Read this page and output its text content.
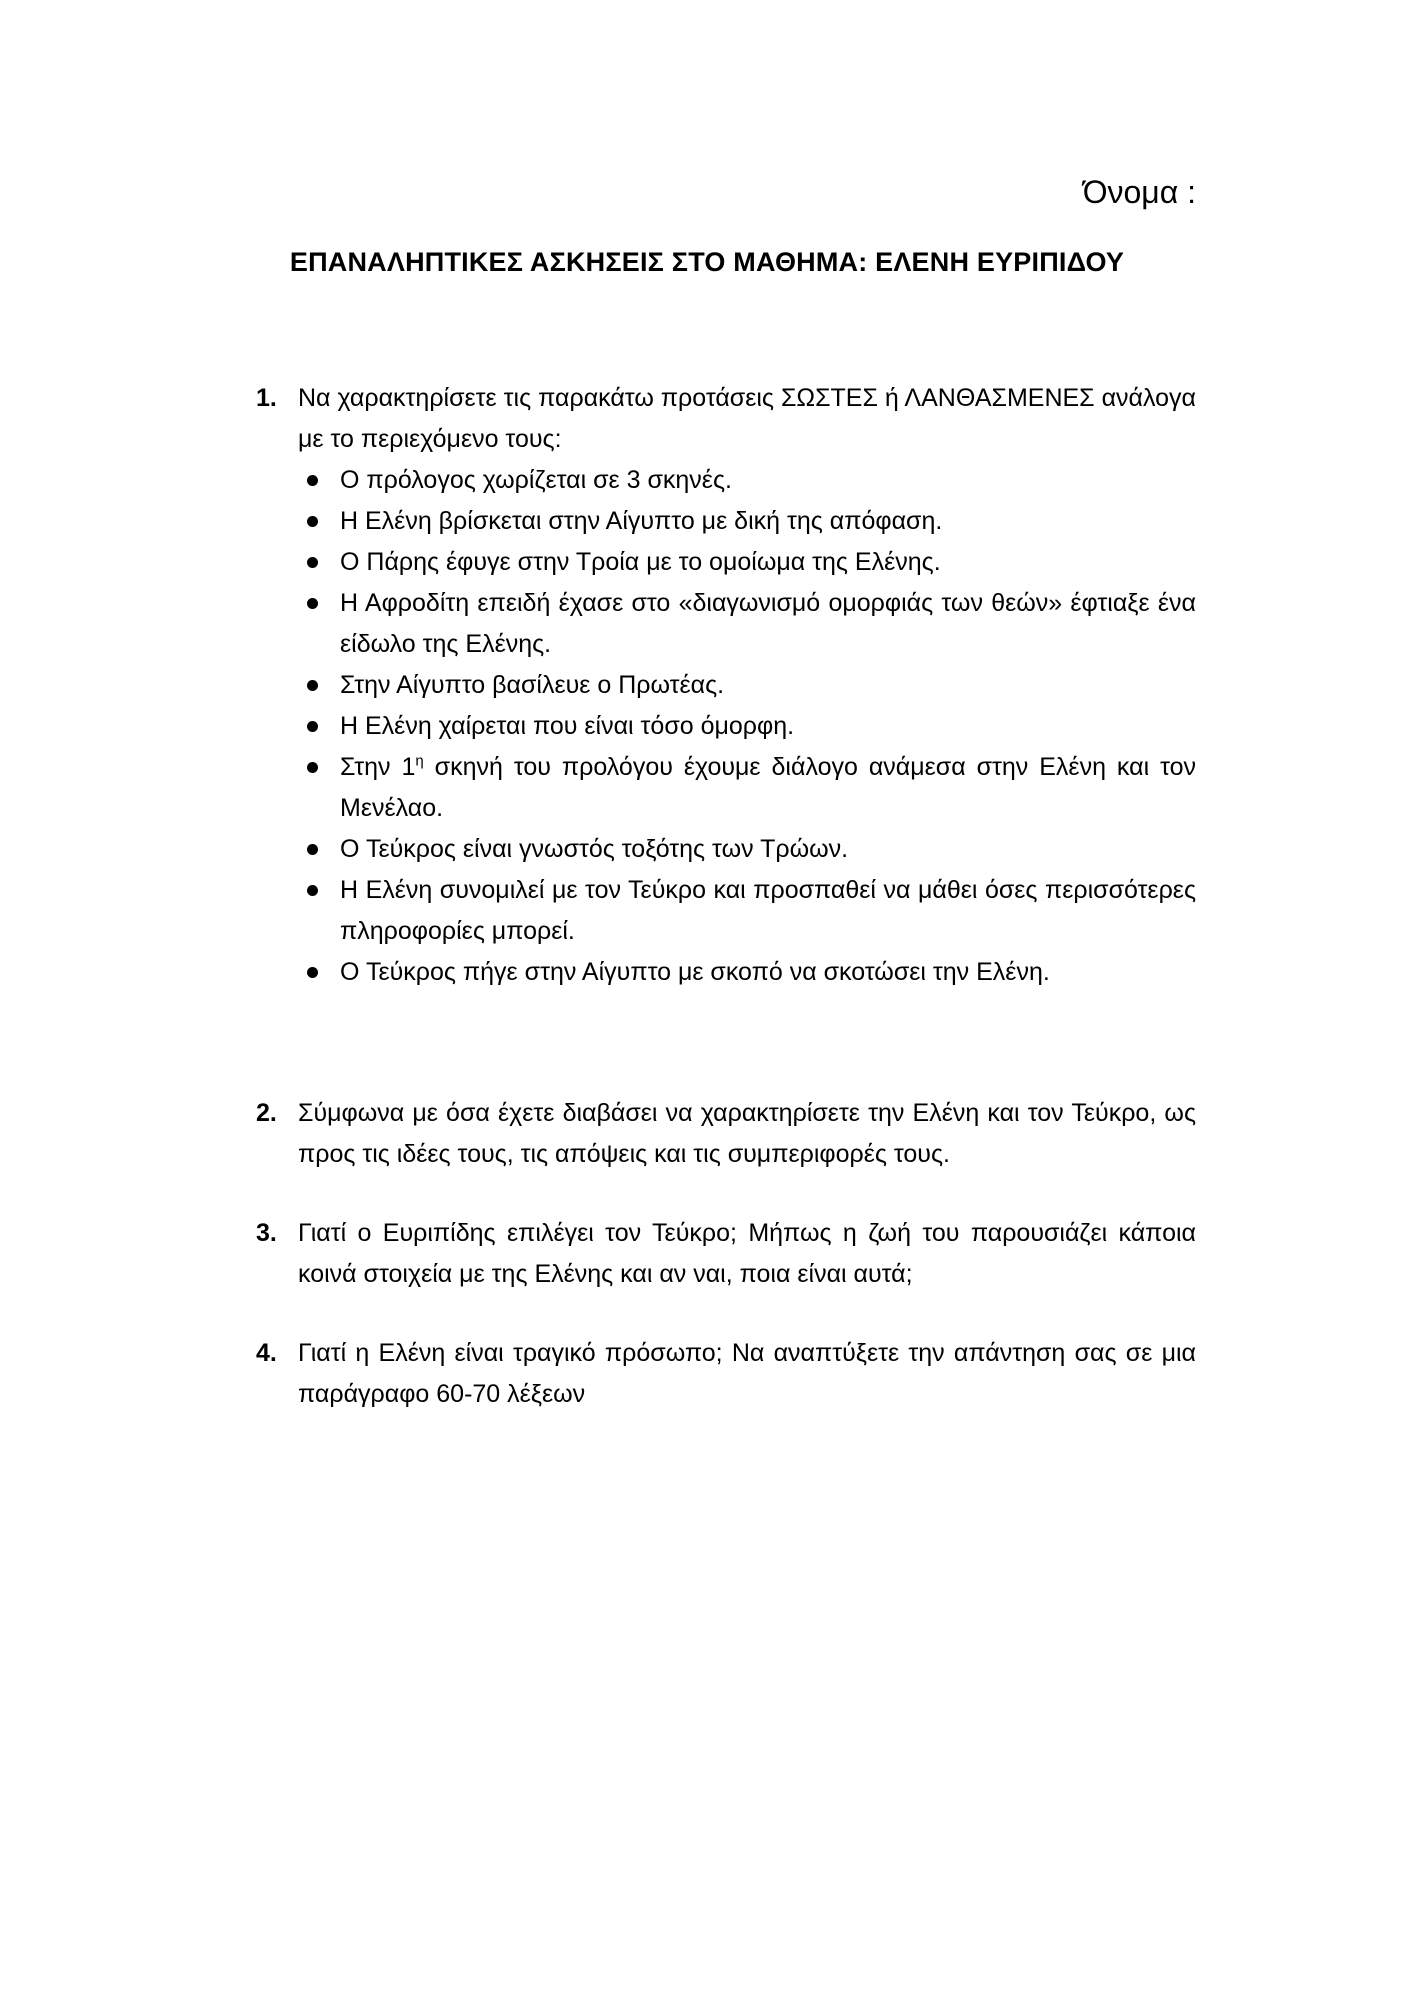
Όνομα :
ΕΠΑΝΑΛΗΠΤΙΚΕΣ ΑΣΚΗΣΕΙΣ ΣΤΟ ΜΑΘΗΜΑ: ΕΛΕΝΗ ΕΥΡΙΠΙΔΟΥ
1. Να χαρακτηρίσετε τις παρακάτω προτάσεις ΣΩΣΤΕΣ ή ΛΑΝΘΑΣΜΕΝΕΣ ανάλογα με το περιεχόμενο τους:
Ο πρόλογος χωρίζεται σε 3 σκηνές.
Η Ελένη βρίσκεται στην Αίγυπτο με δική της απόφαση.
Ο Πάρης έφυγε στην Τροία με το ομοίωμα της Ελένης.
Η Αφροδίτη επειδή έχασε στο «διαγωνισμό ομορφιάς των θεών» έφτιαξε ένα είδωλο της Ελένης.
Στην Αίγυπτο βασίλευε ο Πρωτέας.
Η Ελένη χαίρεται που είναι τόσο όμορφη.
Στην $1^\eta$ σκηνή του προλόγου έχουμε διάλογο ανάμεσα στην Ελένη και τον Μενέλαο.
Ο Τεύκρος είναι γνωστός τοξότης των Τρώων.
Η Ελένη συνομιλεί με τον Τεύκρο και προσπαθεί να μάθει όσες περισσότερες πληροφορίες μπορεί.
Ο Τεύκρος πήγε στην Αίγυπτο με σκοπό να σκοτώσει την Ελένη.
2. Σύμφωνα με όσα έχετε διαβάσει να χαρακτηρίσετε την Ελένη και τον Τεύκρο, ως προς τις ιδέες τους, τις απόψεις και τις συμπεριφορές τους.
3. Γιατί ο Ευριπίδης επιλέγει τον Τεύκρο; Μήπως η ζωή του παρουσιάζει κάποια κοινά στοιχεία με της Ελένης και αν ναι, ποια είναι αυτά;
4. Γιατί η Ελένη είναι τραγικό πρόσωπο; Να αναπτύξετε την απάντηση σας σε μια παράγραφο 60-70 λέξεων
